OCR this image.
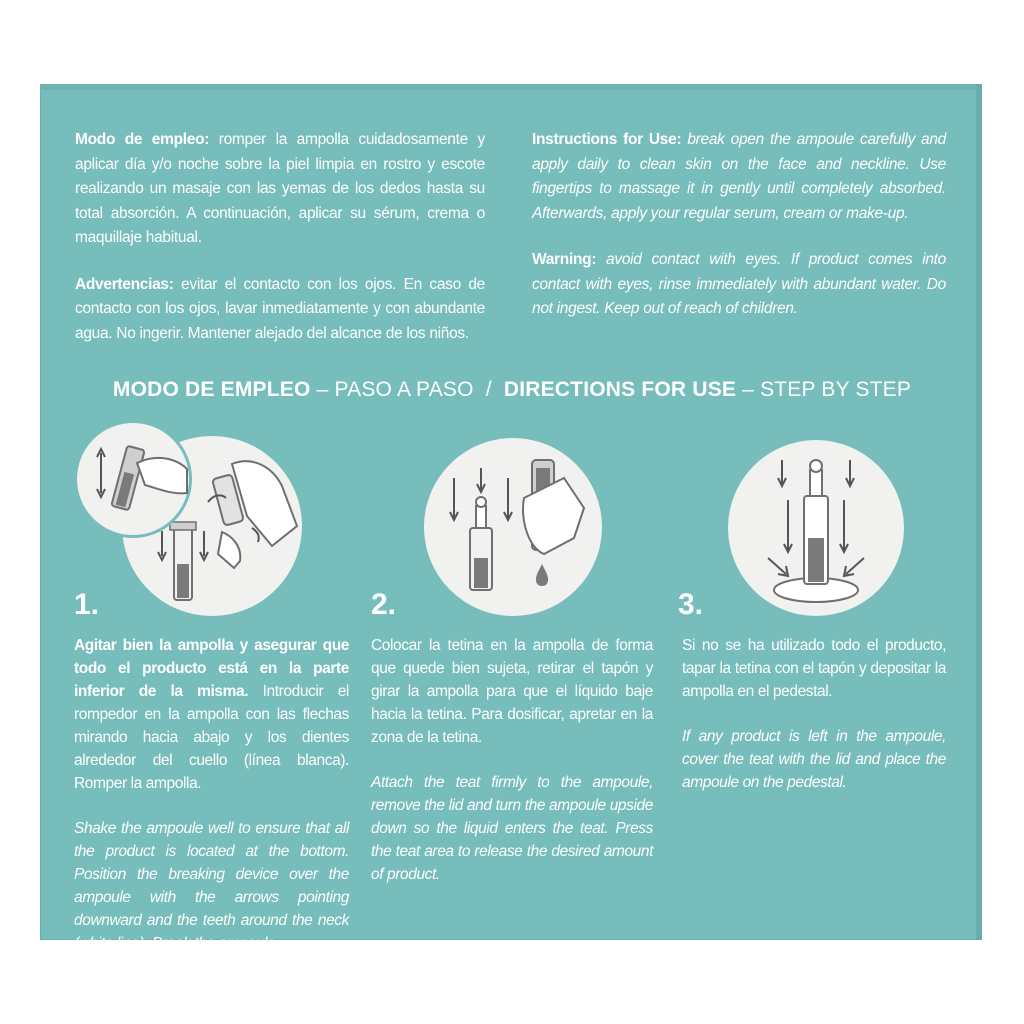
Modo de empleo: romper la ampolla cuidadosamente y aplicar día y/o noche sobre la piel limpia en rostro y escote realizando un masaje con las yemas de los dedos hasta su total absorción. A continuación, aplicar su sérum, crema o maquillaje habitual.

Advertencias: evitar el contacto con los ojos. En caso de contacto con los ojos, lavar inmediatamente y con abundante agua. No ingerir. Mantener alejado del alcance de los niños.

Instructions for Use: break open the ampoule carefully and apply daily to clean skin on the face and neckline. Use fingertips to massage it in gently until completely absorbed. Afterwards, apply your regular serum, cream or make-up.

Warning: avoid contact with eyes. If product comes into contact with eyes, rinse immediately with abundant water. Do not ingest. Keep out of reach of children.

MODO DE EMPLEO – PASO A PASO  /  DIRECTIONS FOR USE – STEP BY STEP
1.	2.	3.

Agitar bien la ampolla y asegurar que todo el producto está en la parte inferior de la misma. Introducir el rompedor en la ampolla con las flechas mirando hacia abajo y los dientes alrededor del cuello (línea blanca). Romper la ampolla.

Shake the ampoule well to ensure that all the product is located at the bottom. Position the breaking device over the ampoule with the arrows pointing downward and the teeth around the neck (white line). Break the ampoule.

Colocar la tetina en la ampolla de forma que quede bien sujeta, retirar el tapón y girar la ampolla para que el líquido baje hacia la tetina. Para dosificar, apretar en la zona de la tetina.

Attach the teat firmly to the ampoule, remove the lid and turn the ampoule upside down so the liquid enters the teat. Press the teat area to release the desired amount of product.

Si no se ha utilizado todo el producto, tapar la tetina con el tapón y depositar la ampolla en el pedestal.

If any product is left in the ampoule, cover the teat with the lid and place the ampoule on the pedestal.
